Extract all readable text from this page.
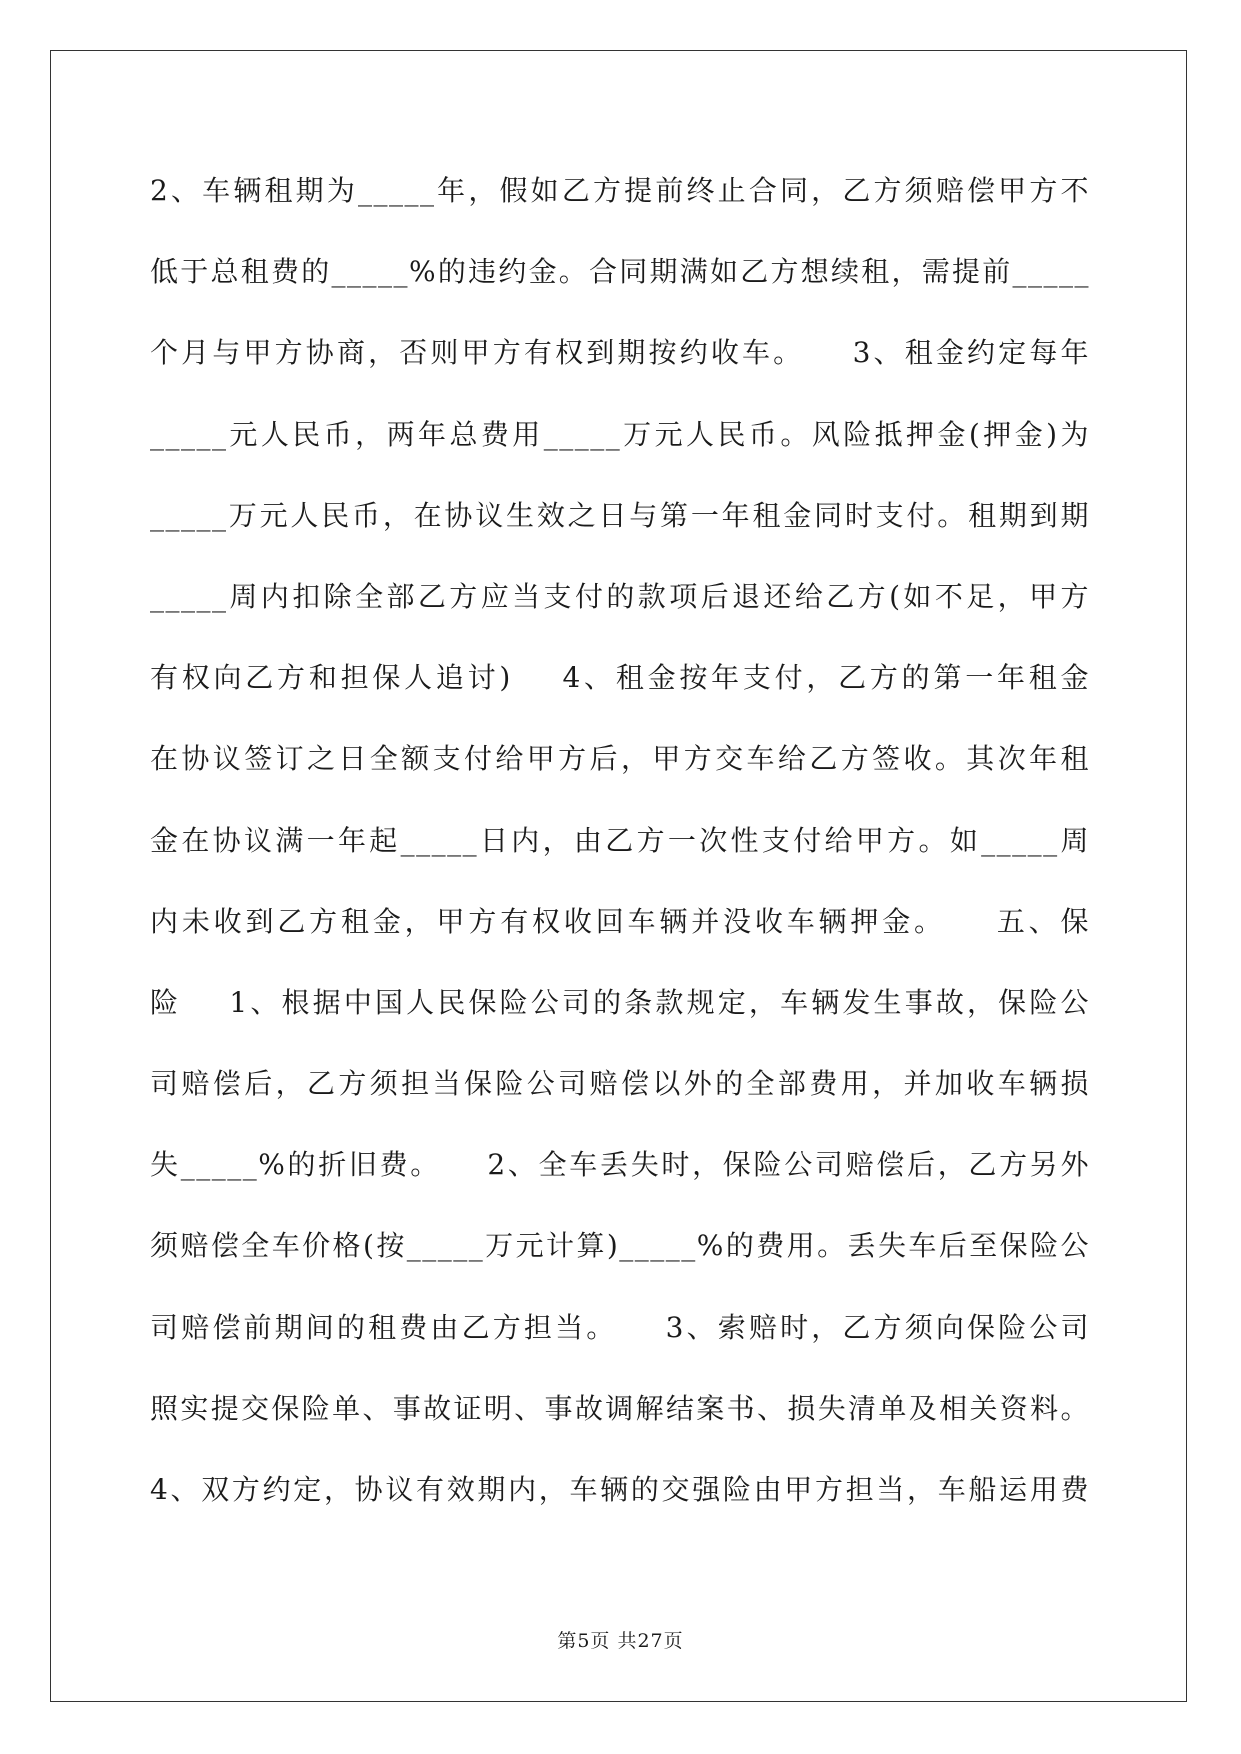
2、车辆租期为_____年，假如乙方提前终止合同，乙方须赔偿甲方不
低于总租费的_____%的违约金。合同期满如乙方想续租，需提前_____
个月与甲方协商，否则甲方有权到期按约收车。    3、租金约定每年
_____元人民币，两年总费用_____万元人民币。风险抵押金(押金)为
_____万元人民币，在协议生效之日与第一年租金同时支付。租期到期
_____周内扣除全部乙方应当支付的款项后退还给乙方(如不足，甲方
有权向乙方和担保人追讨)    4、租金按年支付，乙方的第一年租金
在协议签订之日全额支付给甲方后，甲方交车给乙方签收。其次年租
金在协议满一年起_____日内，由乙方一次性支付给甲方。如_____周
内未收到乙方租金，甲方有权收回车辆并没收车辆押金。    五、保
险    1、根据中国人民保险公司的条款规定，车辆发生事故，保险公
司赔偿后，乙方须担当保险公司赔偿以外的全部费用，并加收车辆损
失_____%的折旧费。    2、全车丢失时，保险公司赔偿后，乙方另外
须赔偿全车价格(按_____万元计算)_____%的费用。丢失车后至保险公
司赔偿前期间的租费由乙方担当。    3、索赔时，乙方须向保险公司
照实提交保险单、事故证明、事故调解结案书、损失清单及相关资料。
4、双方约定，协议有效期内，车辆的交强险由甲方担当，车船运用费
第5页 共27页
